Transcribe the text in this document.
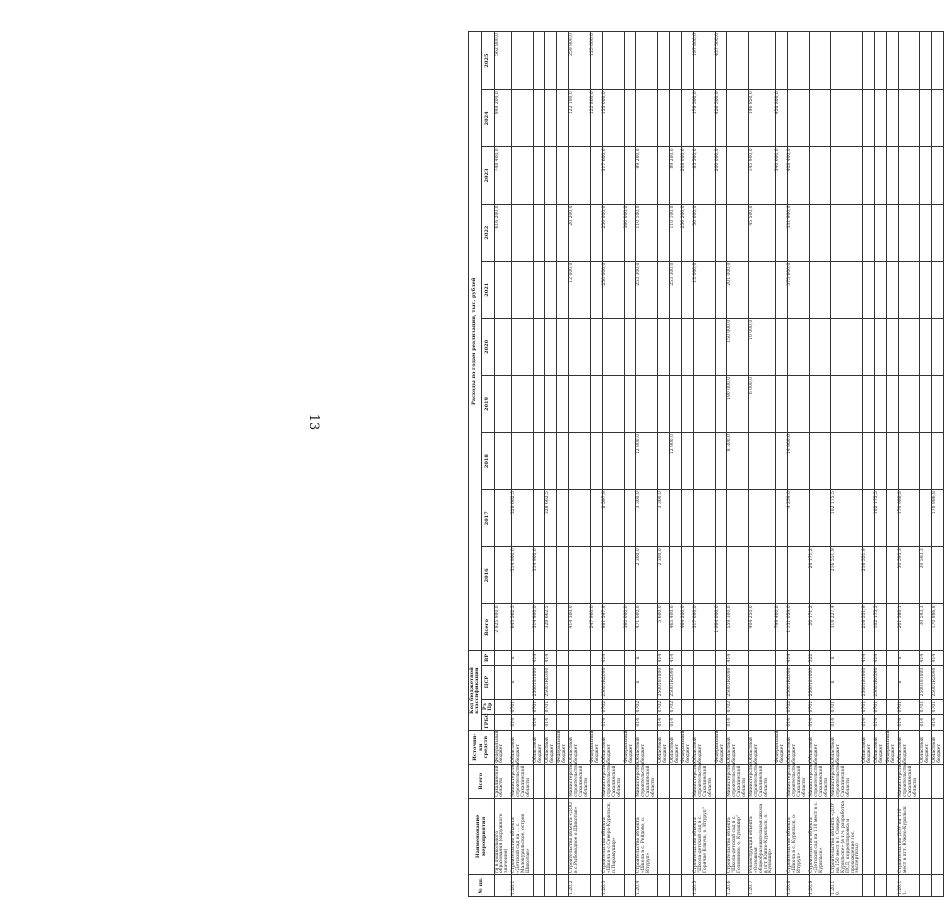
13
№ пп.	Наименование мероприятия	Всего	Источни-ки средств	Код бюджетной классификации				Расходы по годам реализации, тыс. рублей										
				ГРБС	Рз Пр	ЦСР	ВР	Всего	2016	2017	2018	2019	2020	2021	2022	2023	2024	2025
	ги в дошкольного образования (окружного значения)	Сахалинской области	Федеральный бюджет					2 925 900,0							616 200,0	748 400,0	998 200,0	562 800,0
1.20.1	Строительство объекта «Детский сад на ... с. Малокурильское, остров Шикотан»	Министерство строительства Сахалинской области	Областной бюджет	014	0701	x	x	643 562,5	314 900,0	328 662,5								
			Областной бюджет	014	0701	2500181000	414	314 900,0	314 900,0									
			Областной бюджет	014	0701	25001R0390	414	328 662,5		328 662,5								
			Федеральный бюджет															
1.20.2	Строительство объекта «ДОО в с.Рыбоводное о.Шикотан»	Министерство строительства Сахалинской области	Областной бюджет					414 300,0						12 000,0	20 200,0		122 100,0	259 900,0
			Федеральный бюджет					247 900,0									122 800,0	125 000,0
1.20.3	Строительство объекта «Школа в с.Северо-Курильск, п.Парамушир»	Министерство строительства Сахалинской области	Областной бюджет	014	0702	25001R2090	414	981 597,9		8 597,9				250 000,0	250 000,0	317 600,0	155 000,0	
			Федеральный бюджет					360 000,0							360 000,0			
1.20.4	Строительство объекта «Школа в с. Рейдово, о. Итуруп»	Министерство строительства Сахалинской области	Областной бюджет	014	0702	x	x	471 000,0	2 300,0	3 300,0	12 900,0			253 300,0	110 100,0	89 200,0		
			Областной бюджет	014	0702	2500181000	414	5 600,0	2 300,0	3 300,0								
			Областной бюджет	014	0702	25001R2090	414	465 400,0			12 900,0			253 300,0	110 100,0	89 200,0		
			Федеральный бюджет					464 200,0							256 200,0	208 000,0		
1.20.5	Строительство объекта "Школа-детский сад в с. Горячие Ключи, о. Итуруп"	Министерство строительства Сахалинской области	Областной бюджет					317 000,0						13 000,0	50 000,0	85 500,0	178 500,0	187 800,0
			Федеральный бюджет					1 064 000,0								200 000,0	426 500,0	437 500,0
1.20.6	Строительство объекта "Школа-детский сад в с. Головнино, о. Кунашир"	Министерство строительства Сахалинской области	Областной бюджет	014	0702	25001R2090	414	559 300,0			8 300,0	190 000,0	150 000,0	201 000,0				
1.20.7	Реконструкция объекта «Основная общеобразовательная школа в пгт Южно-Курильск, о. Кунашир»	Министерство строительства Сахалинской области	Областной бюджет					404 250,0				6 000,0	10 000,0		45 500,0	145 900,0	196 850,0	
			Федеральный бюджет					799 400,0								340 600,0	458 800,0	
1.20.8	Строительство объекта «Школа в с. Курильск, о. Итуруп»	Министерство строительства Сахалинской области	Областной бюджет	014	0702	25001R2090	414	1 131 059,0		4 259,0	14 900,0			375 600,0	331 900,0	408 400,0		
1.20.9	Строительство объекта «Детский сад на 110 мест в с. Курильск»	Министерство строительства Сахалинской области	Областной бюджет	014	0701	2500181000	522	20 171,2	20 171,2									
1.20.1 0.	Строительство объекта «ДОУ на 150 мест в г. Северо-Курильске» (в т.ч. разработка ПСД, корректировка и прохождение гос. экспертизы)	Министерство строительства Сахалинской области	Областной бюджет	014	0701	x	x	318 227,4	216 551,9	102 175,5								
			Областной бюджет	014	0701	2500181000	414	216 551,9	216 551,9									
			Областной бюджет	014	0701	25001R0390	414	102 175,5		102 175,5								
			Федеральный бюджет															
1.20.1 1.	Строительство ДОУ на 110 мест в пгт. Южно-Курильск	Министерство строительства Сахалинской области	Областной бюджет	014	0701	x	x	201 580,1	30 593,3	170 986,8								
			Областной бюджет	014	0701	2500181000	414	30 593,3	30 593,3									
			Областной бюджет	014	0701	25001R2090	414	170 986,8		170 986,8								
